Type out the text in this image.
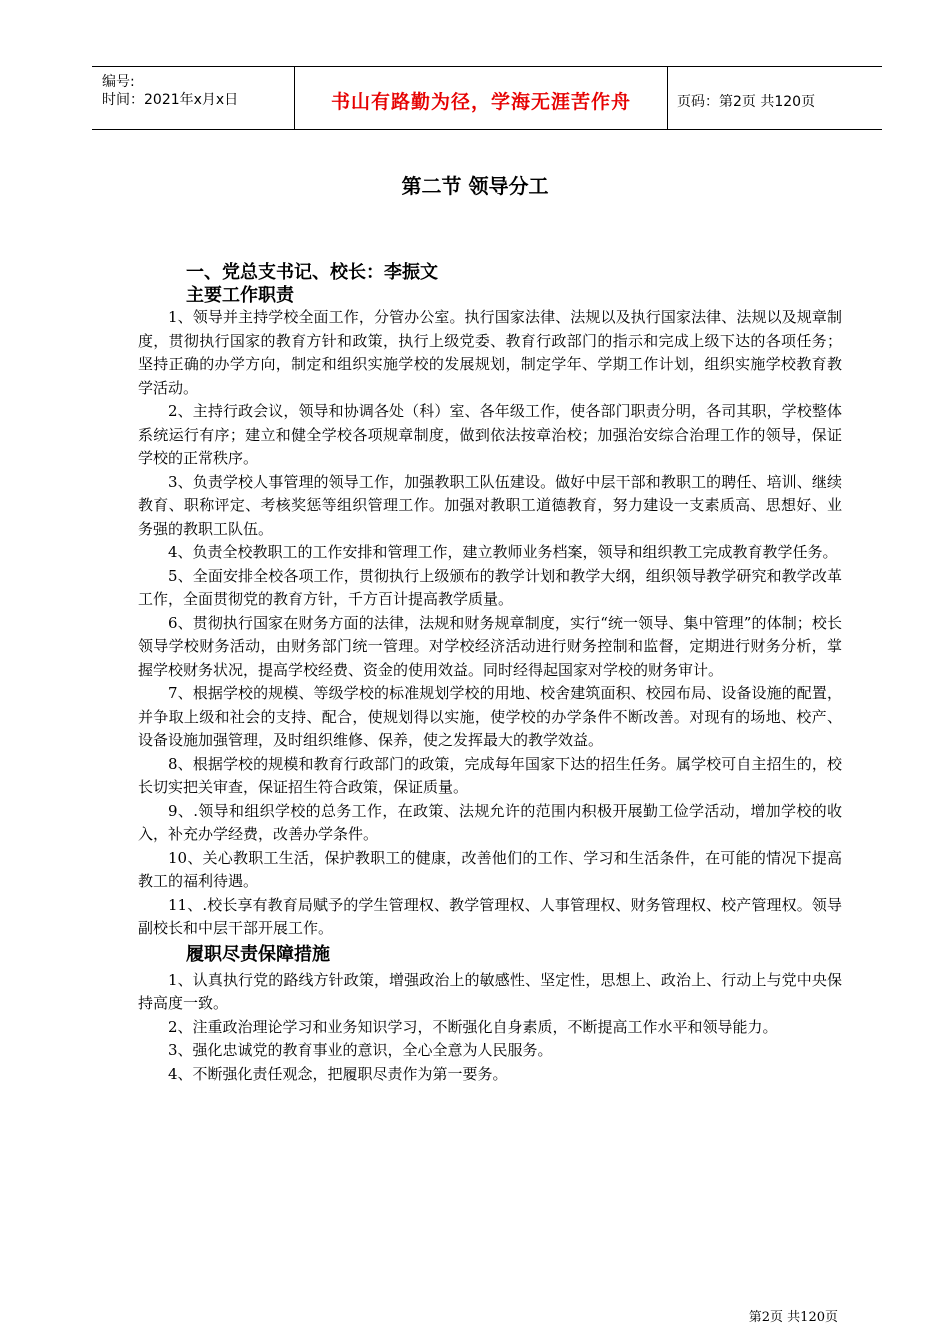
编号:
时间：2021年x月x日	书山有路勤为径，学海无涯苦作舟	页码：第2页 共120页
第二节 领导分工
一、党总支书记、校长：李振文
主要工作职责

1、领导并主持学校全面工作，分管办公室。执行国家法律、法规以及执行国家法律、法规以及规章制度，贯彻执行国家的教育方针和政策，执行上级党委、教育行政部门的指示和完成上级下达的各项任务；坚持正确的办学方向，制定和组织实施学校的发展规划，制定学年、学期工作计划，组织实施学校教育教学活动。

2、主持行政会议，领导和协调各处（科）室、各年级工作，使各部门职责分明，各司其职，学校整体系统运行有序；建立和健全学校各项规章制度，做到依法按章治校；加强治安综合治理工作的领导，保证学校的正常秩序。

3、负责学校人事管理的领导工作，加强教职工队伍建设。做好中层干部和教职工的聘任、培训、继续教育、职称评定、考核奖惩等组织管理工作。加强对教职工道德教育，努力建设一支素质高、思想好、业务强的教职工队伍。

4、负责全校教职工的工作安排和管理工作，建立教师业务档案，领导和组织教工完成教育教学任务。

5、全面安排全校各项工作，贯彻执行上级颁布的教学计划和教学大纲，组织领导教学研究和教学改革工作，全面贯彻党的教育方针，千方百计提高教学质量。

6、贯彻执行国家在财务方面的法律，法规和财务规章制度，实行“统一领导、集中管理”的体制；校长领导学校财务活动，由财务部门统一管理。对学校经济活动进行财务控制和监督，定期进行财务分析，掌握学校财务状况，提高学校经费、资金的使用效益。同时经得起国家对学校的财务审计。

7、根据学校的规模、等级学校的标准规划学校的用地、校舍建筑面积、校园布局、设备设施的配置，并争取上级和社会的支持、配合，使规划得以实施，使学校的办学条件不断改善。对现有的场地、校产、设备设施加强管理，及时组织维修、保养，使之发挥最大的教学效益。

8、根据学校的规模和教育行政部门的政策，完成每年国家下达的招生任务。属学校可自主招生的，校长切实把关审查，保证招生符合政策，保证质量。

9、.领导和组织学校的总务工作，在政策、法规允许的范围内积极开展勤工俭学活动，增加学校的收入，补充办学经费，改善办学条件。

10、关心教职工生活，保护教职工的健康，改善他们的工作、学习和生活条件，在可能的情况下提高教工的福利待遇。

11、.校长享有教育局赋予的学生管理权、教学管理权、人事管理权、财务管理权、校产管理权。领导副校长和中层干部开展工作。

履职尽责保障措施

1、认真执行党的路线方针政策，增强政治上的敏感性、坚定性，思想上、政治上、行动上与党中央保持高度一致。

2、注重政治理论学习和业务知识学习，不断强化自身素质，不断提高工作水平和领导能力。

3、强化忠诚党的教育事业的意识，全心全意为人民服务。

4、不断强化责任观念，把履职尽责作为第一要务。

第2页 共120页
